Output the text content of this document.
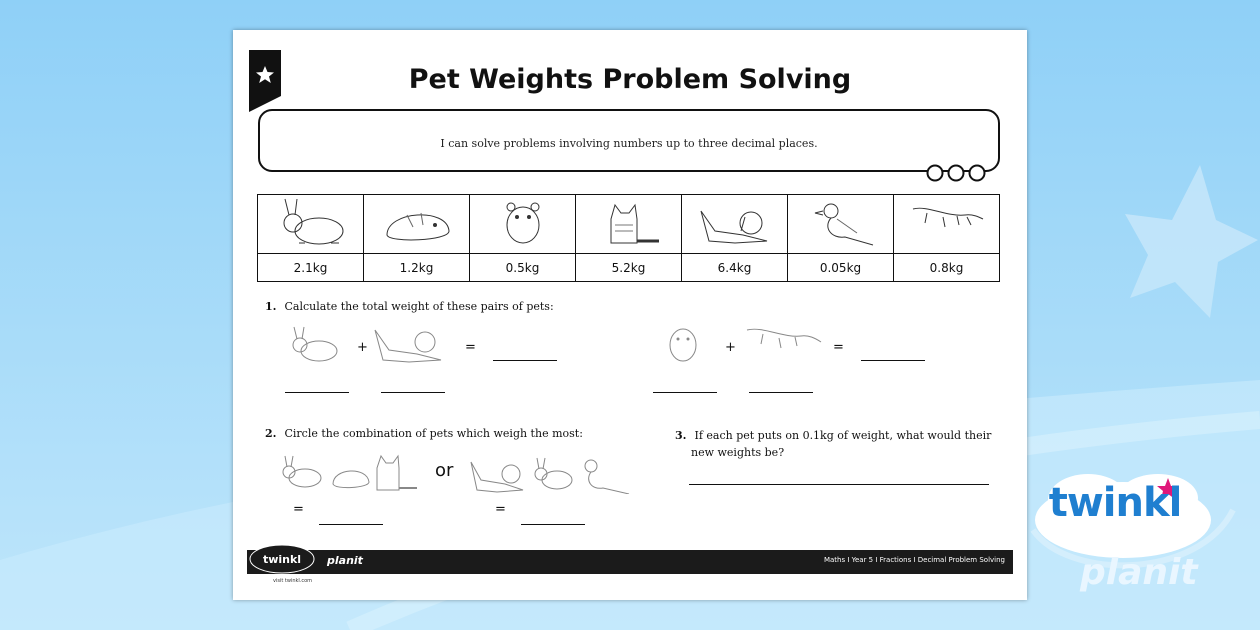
Pet Weights Problem Solving
I can solve problems involving numbers up to three decimal places.

2.1kg	1.2kg	0.5kg	5.2kg	6.4kg	0.05kg	0.8kg
1. Calculate the total weight of these pairs of pets:
+	=	+	=
2. Circle the combination of pets which weigh the most:
or
=	=
3. If each pet puts on 0.1kg of weight, what would their
new weights be?
twinkl planit	Maths I Year 5 I Fractions I Decimal Problem Solving
visit twinkl.com
twinkl
planit
